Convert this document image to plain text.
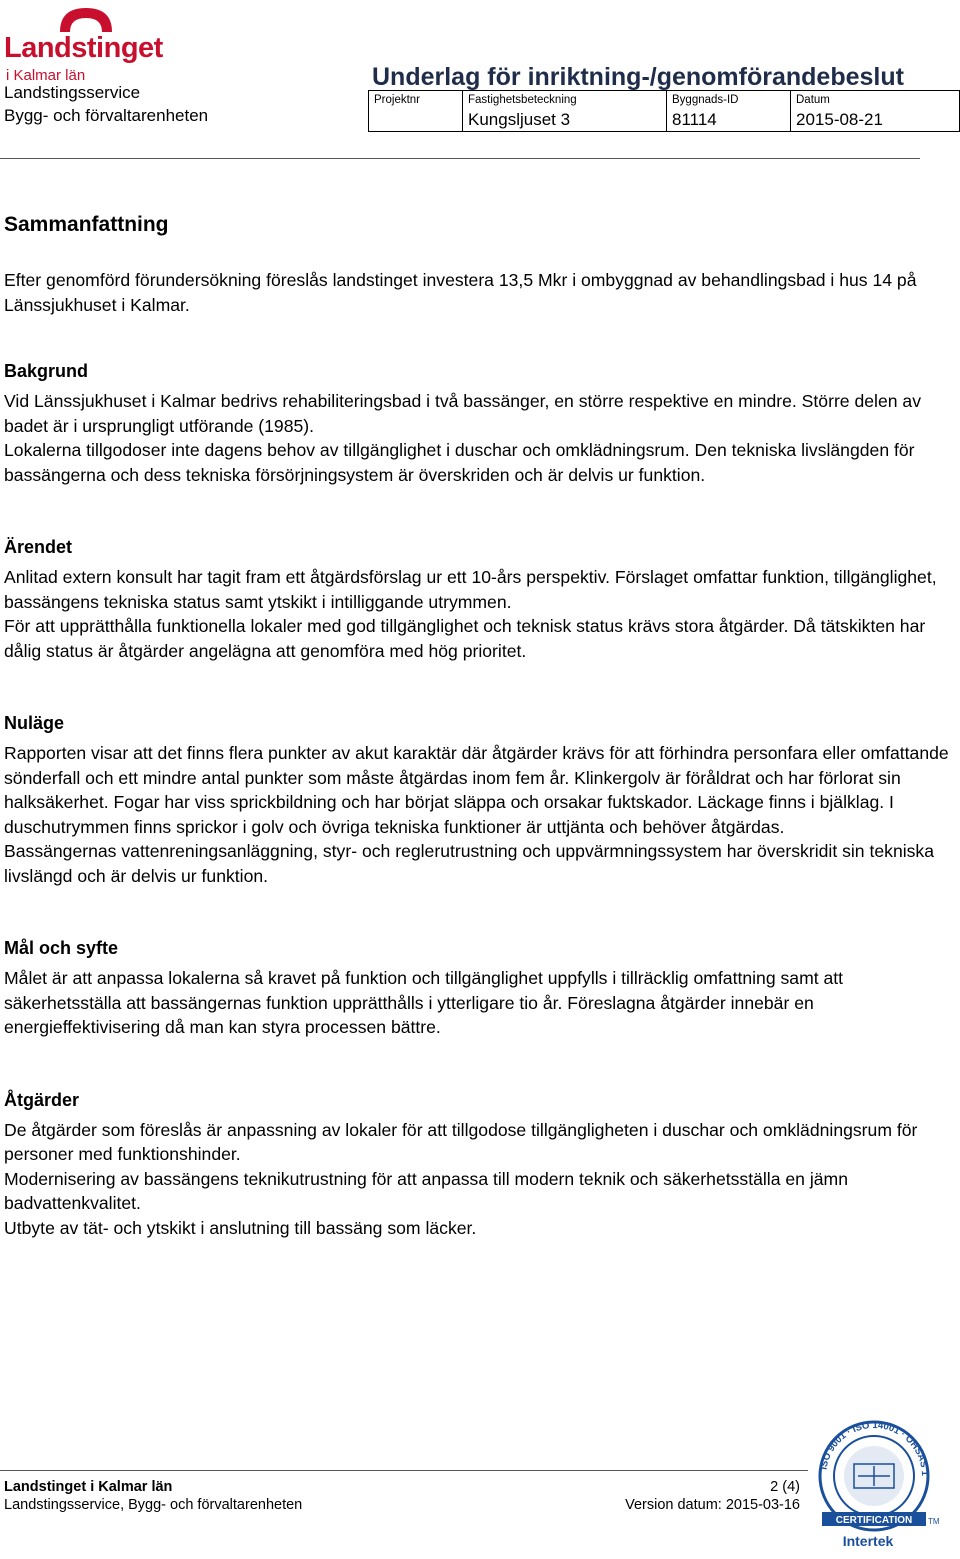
Landstinget
i Kalmar län
Landstingsservice
Bygg- och förvaltarenheten
Underlag för inriktning-/genomförandebeslut
Projektnr	Fastighetsbeteckning
Kungsljuset 3
Byggnads-ID
81114
Datum
2015-08-21
Sammanfattning

Efter genomförd förundersökning föreslås landstinget investera 13,5 Mkr i ombyggnad av behandlingsbad i hus 14 på Länssjukhuset i Kalmar.

Bakgrund

Vid Länssjukhuset i Kalmar bedrivs rehabiliteringsbad i två bassänger, en större respektive en mindre. Större delen av badet är i ursprungligt utförande (1985).

Lokalerna tillgodoser inte dagens behov av tillgänglighet i duschar och omklädningsrum. Den tekniska livslängden för bassängerna och dess tekniska försörjningsystem är överskriden och är delvis ur funktion.

Ärendet

Anlitad extern konsult har tagit fram ett åtgärdsförslag ur ett 10-års perspektiv. Förslaget omfattar funktion, tillgänglighet, bassängens tekniska status samt ytskikt i intilliggande utrymmen.

För att upprätthålla funktionella lokaler med god tillgänglighet och teknisk status krävs stora åtgärder. Då tätskikten har dålig status är åtgärder angelägna att genomföra med hög prioritet.

Nuläge

Rapporten visar att det finns flera punkter av akut karaktär där åtgärder krävs för att förhindra personfara eller omfattande sönderfall och ett mindre antal punkter som måste åtgärdas inom fem år. Klinkergolv är föråldrat och har förlorat sin halksäkerhet. Fogar har viss sprickbildning och har börjat släppa och orsakar fuktskador. Läckage finns i bjälklag. I duschutrymmen finns sprickor i golv och övriga tekniska funktioner är uttjänta och behöver åtgärdas.

Bassängernas vattenreningsanläggning, styr- och reglerutrustning och uppvärmningssystem har överskridit sin tekniska livslängd och är delvis ur funktion.

Mål och syfte

Målet är att anpassa lokalerna så kravet på funktion och tillgänglighet uppfylls i tillräcklig omfattning samt att säkerhetsställa att bassängernas funktion upprätthålls i ytterligare tio år. Föreslagna åtgärder innebär en energieffektivisering då man kan styra processen bättre.

Åtgärder

De åtgärder som föreslås är anpassning av lokaler för att tillgodose tillgängligheten i duschar och omklädningsrum för personer med funktionshinder.

Modernisering av bassängens teknikutrustning för att anpassa till modern teknik och säkerhetsställa en jämn badvattenkvalitet.

Utbyte av tät- och ytskikt i anslutning till bassäng som läcker.

Landstinget i Kalmar län
Landstingsservice, Bygg- och förvaltarenheten
2 (4)
Version datum: 2015-03-16
ISO 9001 · ISO 14001 · OHSAS 1
CERTIFICATION TM
Intertek
